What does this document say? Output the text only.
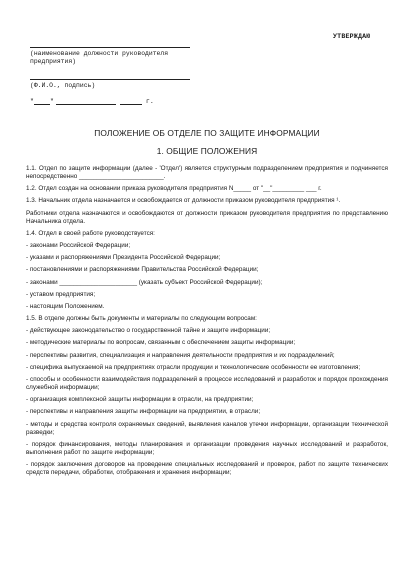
УТВЕРЖДАЮ
(наименование должности руководителя предприятия)
(Ф.И.О., подпись)
" "	г.
ПОЛОЖЕНИЕ ОБ ОТДЕЛЕ ПО ЗАЩИТЕ ИНФОРМАЦИИ
1. ОБЩИЕ ПОЛОЖЕНИЯ

1.1. Отдел по защите информации (далее - 'Отдел') является структурным подразделением предприятия и подчиняется непосредственно ________________________.

1.2. Отдел создан на основании приказа руководителя предприятия N_____ от "__"_________ ___ г.

1.3. Начальник отдела назначается и освобождается от должности приказом руководителя предприятия ¹.

Работники отдела назначаются и освобождаются от должности приказом руководителя предприятия по представлению Начальника отдела.

1.4. Отдел в своей работе руководствуется:

- законами Российской Федерации;

- указами и распоряжениями Президента Российской Федерации;

- постановлениями и распоряжениями Правительства Российской Федерации;

- законами ______________________ (указать субъект Российской Федерации);

- уставом предприятия;

- настоящим Положением.

1.5. В отделе должны быть документы и материалы по следующим вопросам:

- действующее законодательство о государственной тайне и защите информации;

- методические материалы по вопросам, связанным с обеспечением защиты информации;

- перспективы развития, специализация и направления деятельности предприятия и их подразделений;

- специфика выпускаемой на предприятиях отрасли продукции и технологические особенности ее изготовления;

- способы и особенности взаимодействия подразделений в процессе исследований и разработок и порядок прохождения служебной информации;

- организация комплексной защиты информации в отрасли, на предприятии;

- перспективы и направления защиты информации на предприятии, в отрасли;

- методы и средства контроля охраняемых сведений, выявления каналов утечки информации, организации технической разведки;

- порядок финансирования, методы планирования и организации проведения научных исследований и разработок, выполнения работ по защите информации;

- порядок заключения договоров на проведение специальных исследований и проверок, работ по защите технических средств передачи, обработки, отображения и хранения информации;
